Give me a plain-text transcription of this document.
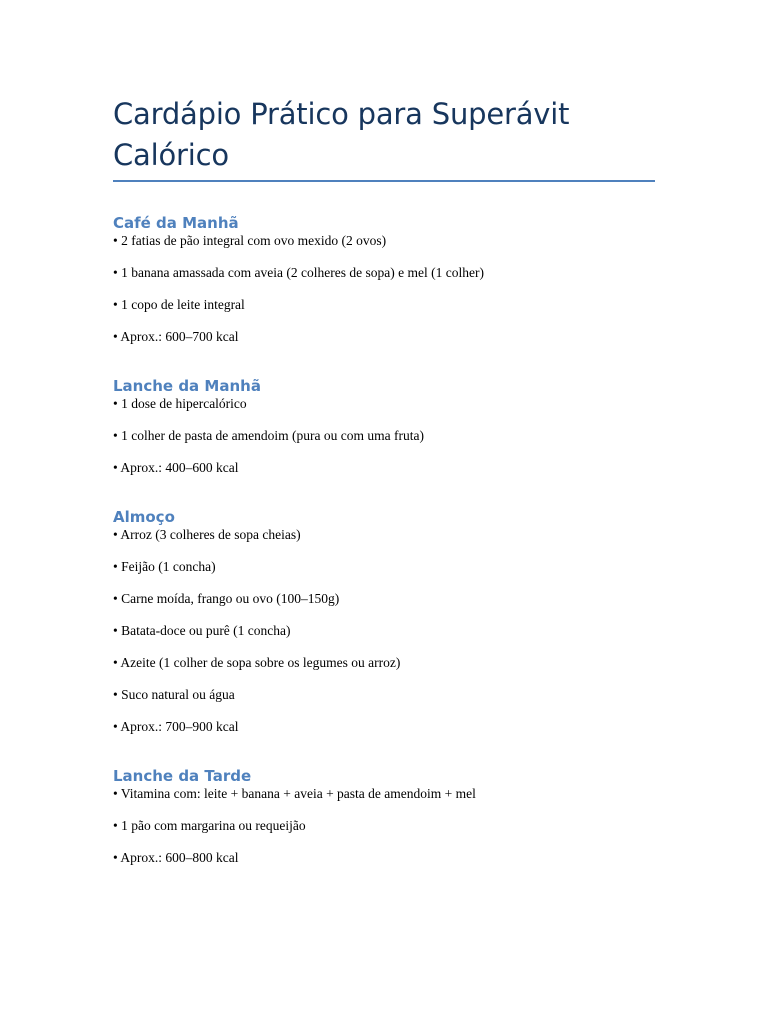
Cardápio Prático para Superávit
Calórico
Café da Manhã

• 2 fatias de pão integral com ovo mexido (2 ovos)

• 1 banana amassada com aveia (2 colheres de sopa) e mel (1 colher)

• 1 copo de leite integral

• Aprox.: 600–700 kcal

Lanche da Manhã

• 1 dose de hipercalórico

• 1 colher de pasta de amendoim (pura ou com uma fruta)

• Aprox.: 400–600 kcal

Almoço

• Arroz (3 colheres de sopa cheias)

• Feijão (1 concha)

• Carne moída, frango ou ovo (100–150g)

• Batata-doce ou purê (1 concha)

• Azeite (1 colher de sopa sobre os legumes ou arroz)

• Suco natural ou água

• Aprox.: 700–900 kcal

Lanche da Tarde

• Vitamina com: leite + banana + aveia + pasta de amendoim + mel

• 1 pão com margarina ou requeijão

• Aprox.: 600–800 kcal
